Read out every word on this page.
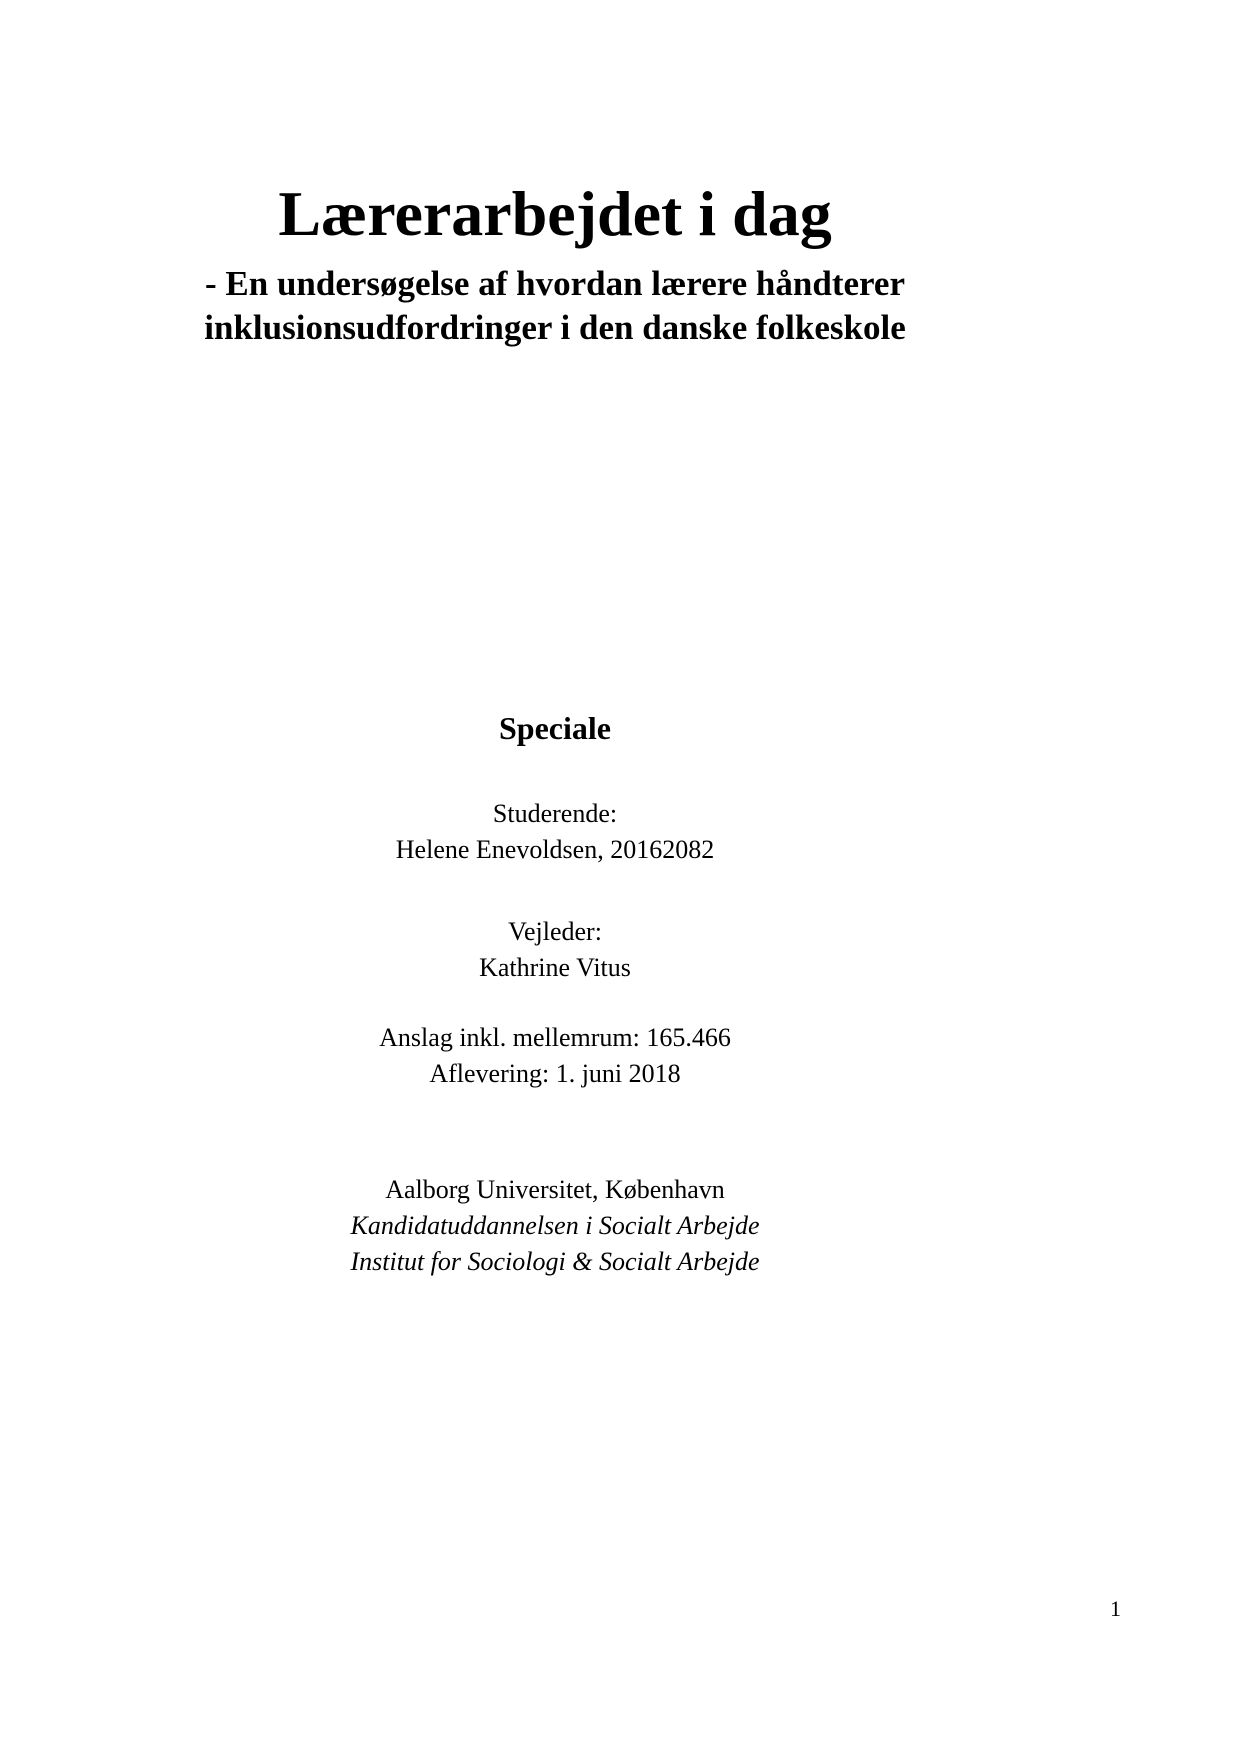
Lærerarbejdet i dag
- En undersøgelse af hvordan lærere håndterer
inklusionsudfordringer i den danske folkeskole
Speciale
Studerende:
Helene Enevoldsen, 20162082
Vejleder:
Kathrine Vitus
Anslag inkl. mellemrum: 165.466
Aflevering: 1. juni 2018
Aalborg Universitet, København
Kandidatuddannelsen i Socialt Arbejde
Institut for Sociologi & Socialt Arbejde
1
